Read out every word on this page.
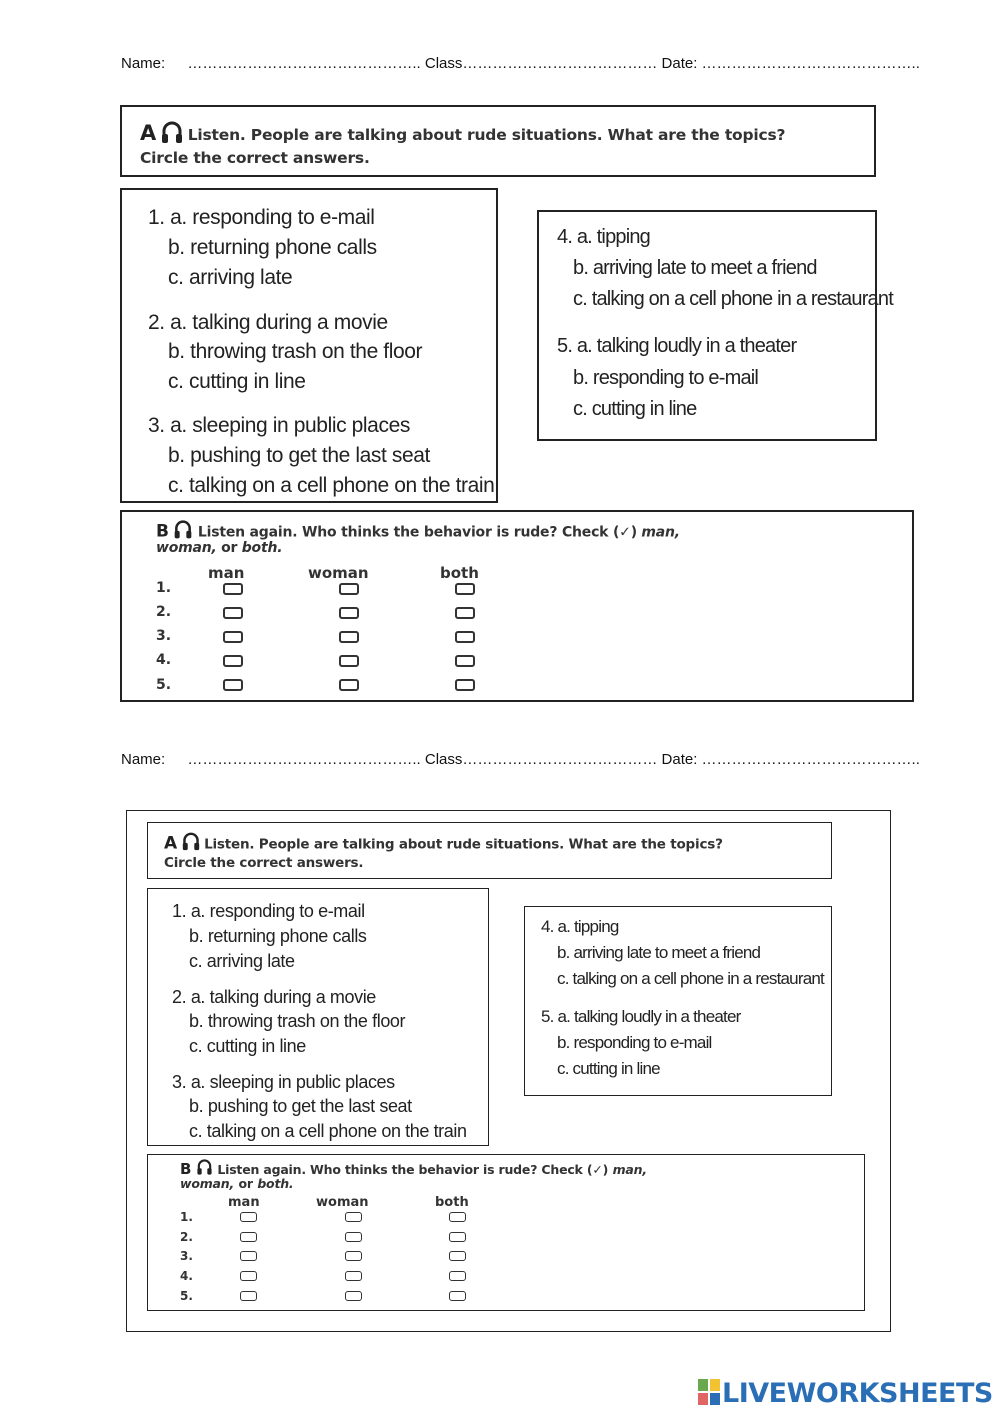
Name: ……………………………………….. Class………………………………… Date: ……………………………………..
A Listen. People are talking about rude situations. What are the topics?
Circle the correct answers.
1. a. responding to e-mail
b. returning phone calls
c. arriving late
2. a. talking during a movie
b. throwing trash on the floor
c. cutting in line
3. a. sleeping in public places
b. pushing to get the last seat
c. talking on a cell phone on the train
4. a. tipping
b. arriving late to meet a friend
c. talking on a cell phone in a restaurant
5. a. talking loudly in a theater
b. responding to e-mail
c. cutting in line
B Listen again. Who thinks the behavior is rude? Check (✓) man,
woman, or both.
man	woman	both
1.
2.
3.
4.
5.
Name: ……………………………………….. Class………………………………… Date: ……………………………………..
A Listen. People are talking about rude situations. What are the topics?
Circle the correct answers.
1. a. responding to e-mail
b. returning phone calls
c. arriving late
2. a. talking during a movie
b. throwing trash on the floor
c. cutting in line
3. a. sleeping in public places
b. pushing to get the last seat
c. talking on a cell phone on the train
4. a. tipping
b. arriving late to meet a friend
c. talking on a cell phone in a restaurant
5. a. talking loudly in a theater
b. responding to e-mail
c. cutting in line
B Listen again. Who thinks the behavior is rude? Check (✓) man,
woman, or both.
man	woman	both
1.
2.
3.
4.
5.
LIVEWORKSHEETS
